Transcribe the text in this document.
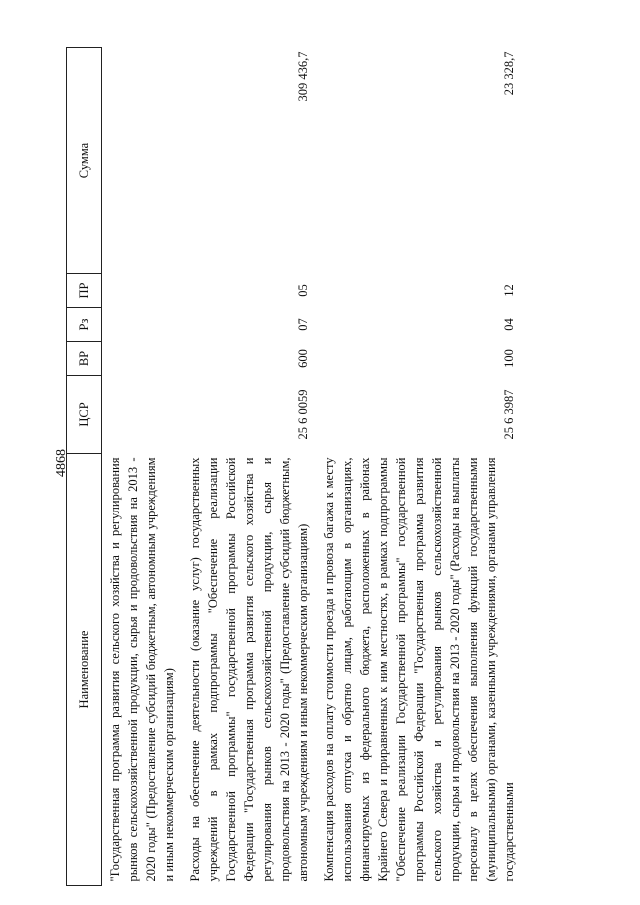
4868
Наименование	ЦСР	ВР	Рз	ПР	Сумма
"Государственная программа развития сельского хозяйства и регулирования рынков сельскохозяйственной продукции, сырья и продовольствия на 2013 - 2020 годы" (Предоставление субсидий бюджетным, автономным учреждениям и иным некоммерческим организациям)					
Расходы на обеспечение деятельности (оказание услуг) государственных учреждений в рамках подпрограммы "Обеспечение реализации Государственной программы" государственной программы Российской Федерации "Государственная программа развития сельского хозяйства и регулирования рынков сельскохозяйственной продукции, сырья и продовольствия на 2013 - 2020 годы" (Предоставление субсидий бюджетным, автономным учреждениям и иным некоммерческим организациям)	25 6 0059	600	07	05	309 436,7
Компенсация расходов на оплату стоимости проезда и провоза багажа к месту использования отпуска и обратно лицам, работающим в организациях, финансируемых из федерального бюджета, расположенных в районах Крайнего Севера и приравненных к ним местностях, в рамках подпрограммы "Обеспечение реализации Государственной программы" государственной программы Российской Федерации "Государственная программа развития сельского хозяйства и регулирования рынков сельскохозяйственной продукции, сырья и продовольствия на 2013 - 2020 годы" (Расходы на выплаты персоналу в целях обеспечения выполнения функций государственными (муниципальными) органами, казенными учреждениями, органами управления государственными	25 6 3987	100	04	12	23 328,7
